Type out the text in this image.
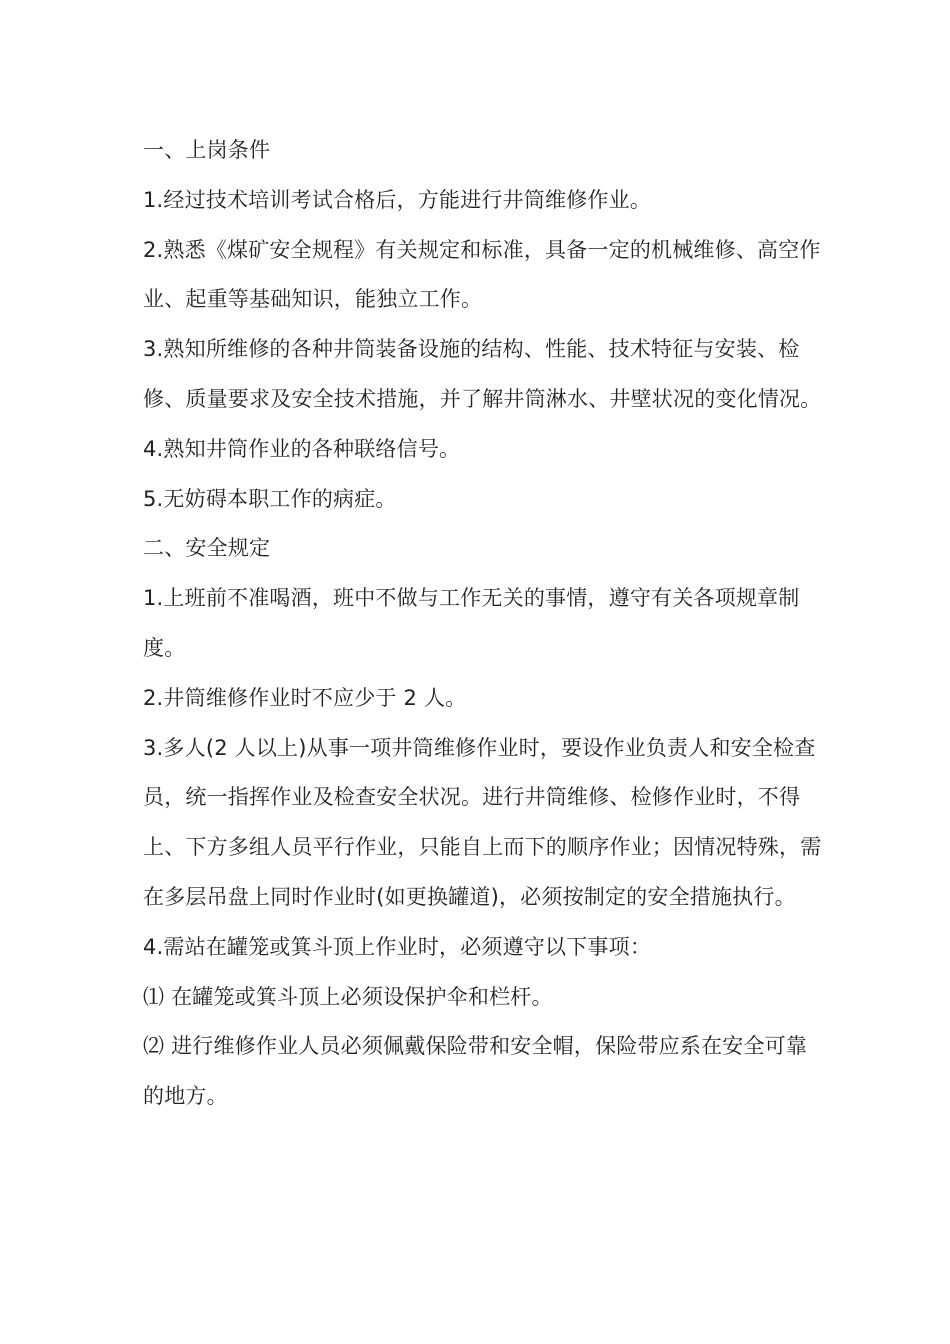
一、上岗条件

1.经过技术培训考试合格后，方能进行井筒维修作业。

2.熟悉《煤矿安全规程》有关规定和标准，具备一定的机械维修、高空作业、起重等基础知识，能独立工作。

3.熟知所维修的各种井筒装备设施的结构、性能、技术特征与安装、检修、质量要求及安全技术措施，并了解井筒淋水、井壁状况的变化情况。

4.熟知井筒作业的各种联络信号。

5.无妨碍本职工作的病症。

二、安全规定

1.上班前不准喝酒，班中不做与工作无关的事情，遵守有关各项规章制度。

2.井筒维修作业时不应少于 2 人。

3.多人(2 人以上)从事一项井筒维修作业时，要设作业负责人和安全检查员，统一指挥作业及检查安全状况。进行井筒维修、检修作业时，不得上、下方多组人员平行作业，只能自上而下的顺序作业；因情况特殊，需在多层吊盘上同时作业时(如更换罐道)，必须按制定的安全措施执行。

4.需站在罐笼或箕斗顶上作业时，必须遵守以下事项：

⑴ 在罐笼或箕斗顶上必须设保护伞和栏杆。

⑵ 进行维修作业人员必须佩戴保险带和安全帽，保险带应系在安全可靠的地方。
